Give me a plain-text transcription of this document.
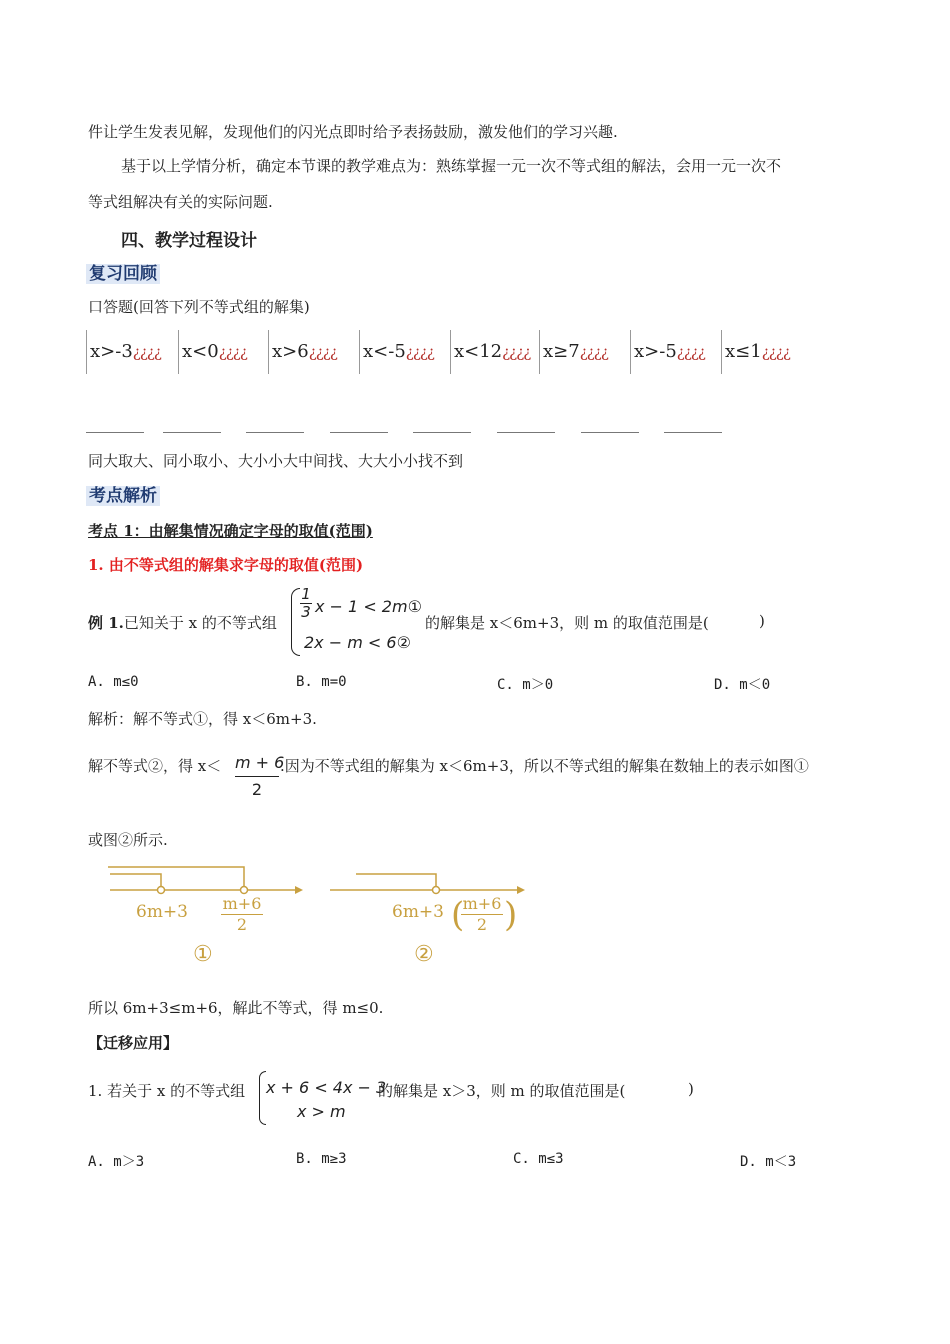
件让学生发表见解，发现他们的闪光点即时给予表扬鼓励，激发他们的学习兴趣.
基于以上学情分析，确定本节课的教学难点为：熟练掌握一元一次不等式组的解法，会用一元一次不
等式组解决有关的实际问题.
四、教学过程设计
复习回顾
口答题(回答下列不等式组的解集)
x>-3¿¿¿¿ x<0¿¿¿¿ x>6¿¿¿¿ x<-5¿¿¿¿ x<12¿¿¿¿ x≥7¿¿¿¿ x>-5¿¿¿¿ x≤1¿¿¿¿
同大取大、同小取小、大小小大中间找、大大小小找不到
考点解析
考点 1：由解集情况确定字母的取值(范围)
1. 由不等式组的解集求字母的取值(范围)
例 1.已知关于 x 的不等式组
1
3 x − 1 < 2m①
2x − m < 6②
的解集是 x＜6m+3，则 m 的取值范围是(	)
A. m≤0	B. m=0	C. m＞0	D. m＜0
解析：解不等式①，得 x＜6m+3.
解不等式②，得 x＜ m + 6
2
.因为不等式组的解集为 x＜6m+3，所以不等式组的解集在数轴上的表示如图①
或图②所示.
6m+3 m+6
2
①
6m+3 (
m+6
2 )
②
所以 6m+3≤m+6，解此不等式，得 m≤0.
【迁移应用】
1. 若关于 x 的不等式组 x + 6 < 4x − 3
x > m
的解集是 x＞3，则 m 的取值范围是(	)
A. m＞3	B. m≥3	C. m≤3	D. m＜3
